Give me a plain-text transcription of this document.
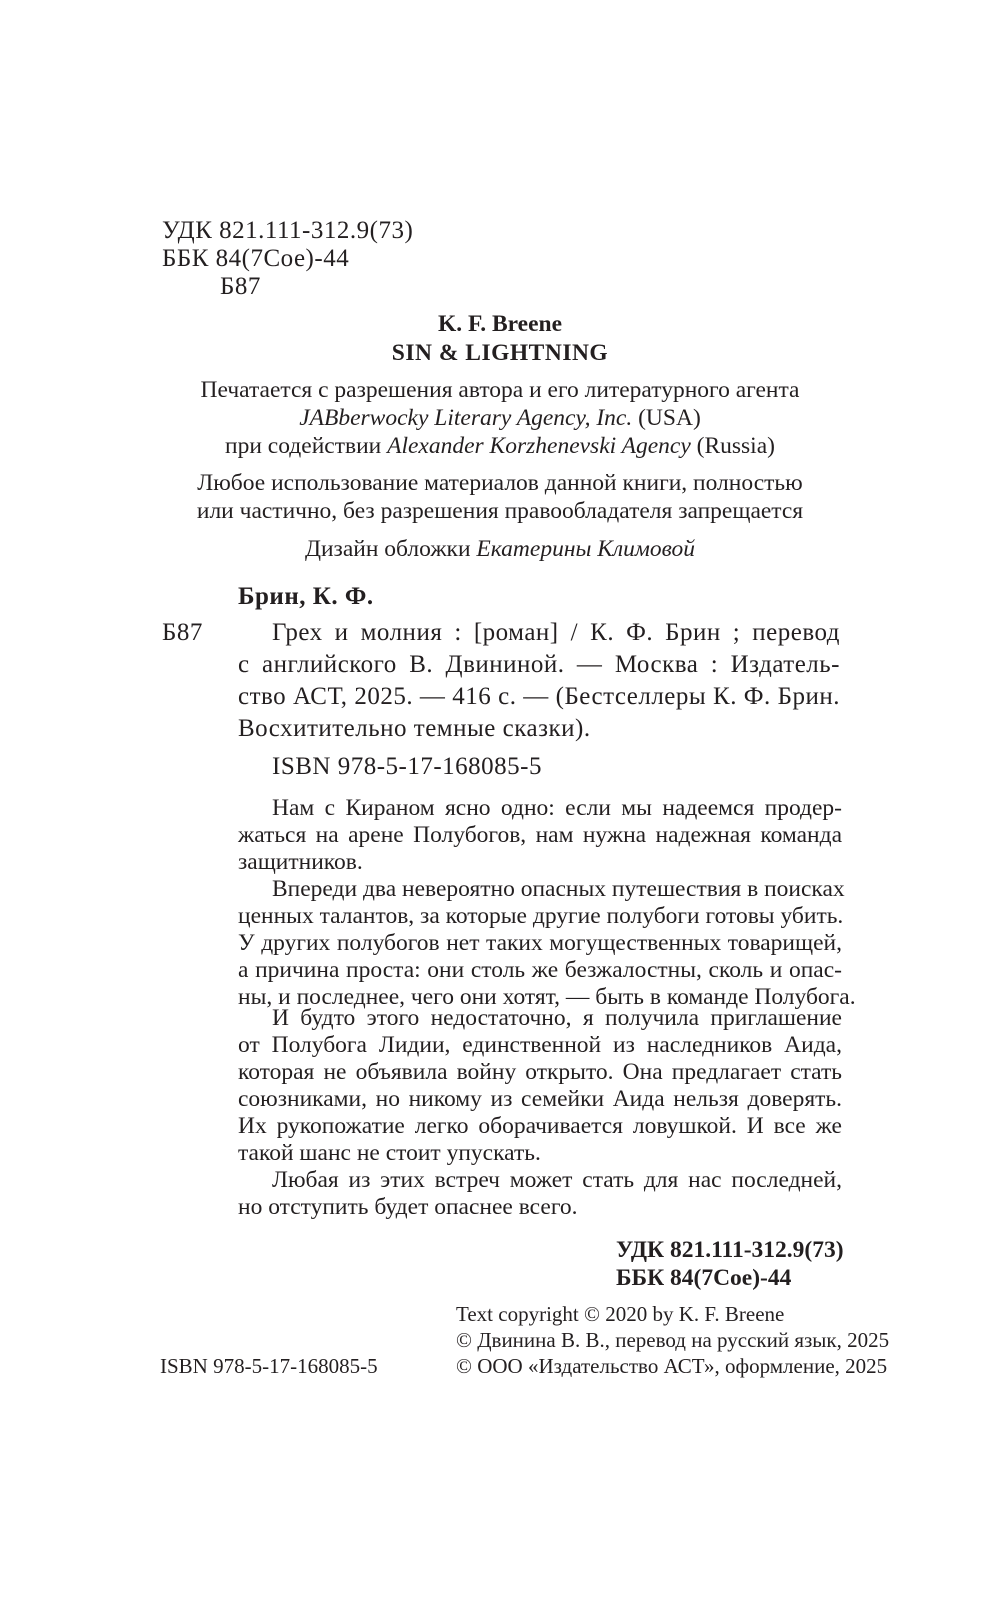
УДК 821.111-312.9(73)
ББК 84(7Сое)-44
Б87
K. F. Breene
SIN & LIGHTNING
Печатается с разрешения автора и его литературного агента
JABberwocky Literary Agency, Inc. (USA)
при содействии Alexander Korzhenevski Agency (Russia)
Любое использование материалов данной книги, полностью
или частично, без разрешения правообладателя запрещается
Дизайн обложки Екатерины Климовой
Брин, К. Ф.
Б87	Грех и молния : [роман] / К. Ф. Брин ; перевод
с английского В. Двининой. — Москва : Издатель-
ство АСТ, 2025. — 416 с. — (Бестселлеры К. Ф. Брин.
Восхитительно темные сказки).
ISBN 978-5-17-168085-5
Нам с Кираном ясно одно: если мы надеемся продер-
жаться на арене Полубогов, нам нужна надежная команда
защитников.
Впереди два невероятно опасных путешествия в поисках
ценных талантов, за которые другие полубоги готовы убить.
У других полубогов нет таких могущественных товарищей,
а причина проста: они столь же безжалостны, сколь и опас-
ны, и последнее, чего они хотят, — быть в команде Полубога.
И будто этого недостаточно, я получила приглашение
от Полубога Лидии, единственной из наследников Аида,
которая не объявила войну открыто. Она предлагает стать
союзниками, но никому из семейки Аида нельзя доверять.
Их рукопожатие легко оборачивается ловушкой. И все же
такой шанс не стоит упускать.
Любая из этих встреч может стать для нас последней,
но отступить будет опаснее всего.
УДК 821.111-312.9(73)
ББК 84(7Сое)-44
ISBN 978-5-17-168085-5
Text copyright © 2020 by K. F. Breene
© Двинина В. В., перевод на русский язык, 2025
© ООО «Издательство АСТ», оформление, 2025
